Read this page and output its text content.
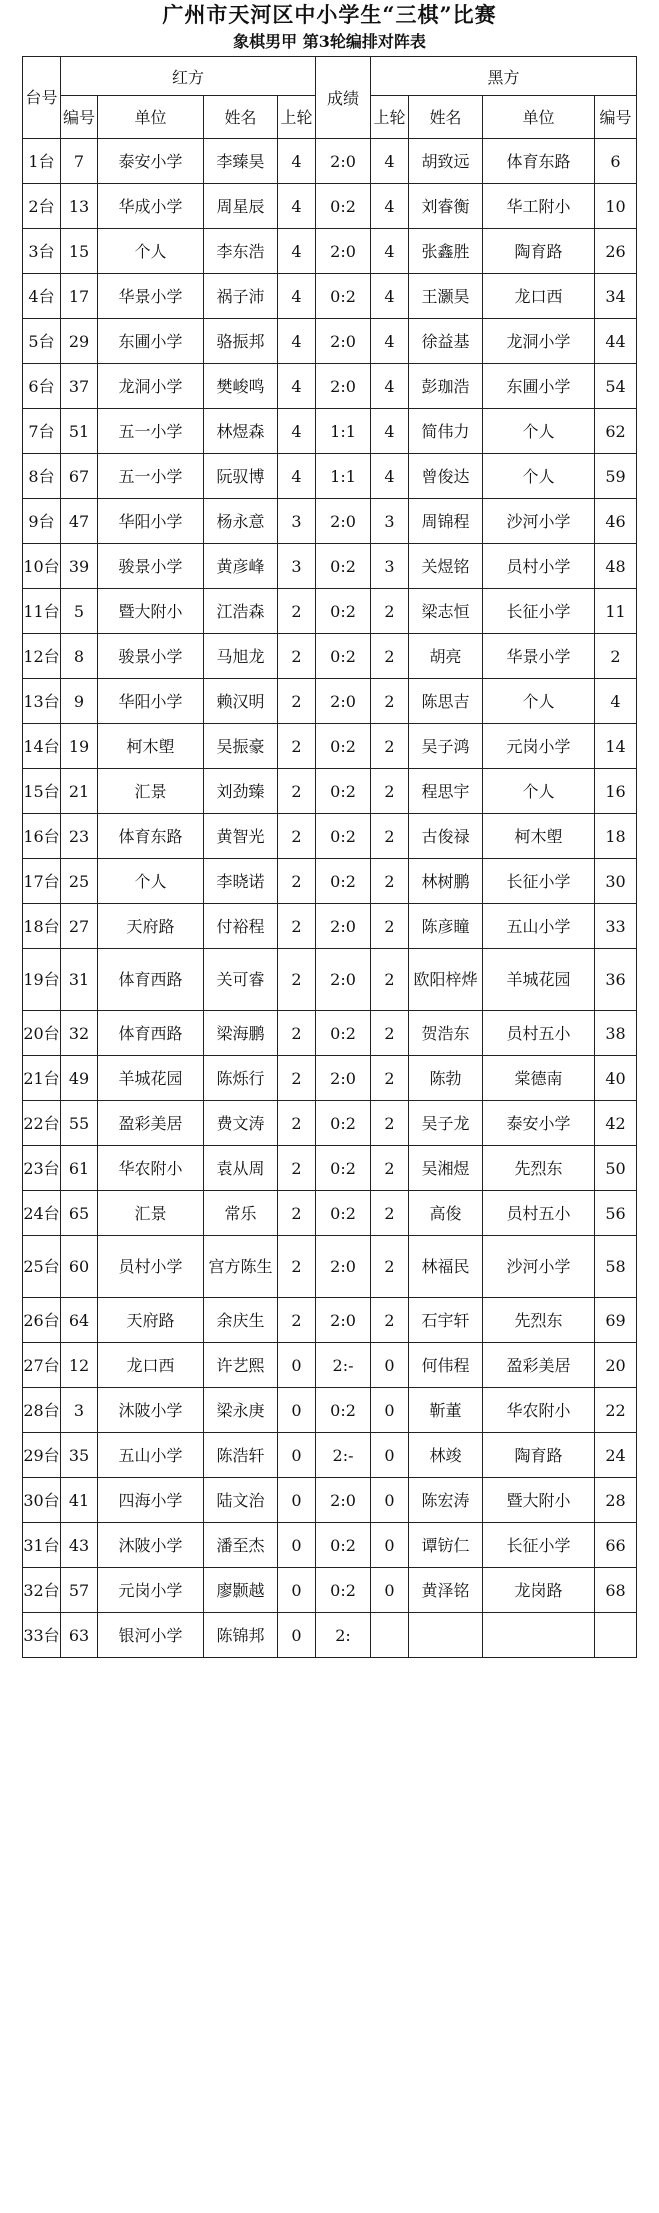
广州市天河区中小学生“三棋”比赛
象棋男甲 第3轮编排对阵表
台号	红方				成绩	黑方			
	编号	单位	姓名	上轮		上轮	姓名	单位	编号
1台	7	泰安小学	李臻昊	4	2:0	4	胡致远	体育东路	6
2台	13	华成小学	周星辰	4	0:2	4	刘睿衡	华工附小	10
3台	15	个人	李东浩	4	2:0	4	张鑫胜	陶育路	26
4台	17	华景小学	祸子沛	4	0:2	4	王灏昊	龙口西	34
5台	29	东圃小学	骆振邦	4	2:0	4	徐益基	龙洞小学	44
6台	37	龙洞小学	樊峻鸣	4	2:0	4	彭珈浩	东圃小学	54
7台	51	五一小学	林煜森	4	1:1	4	简伟力	个人	62
8台	67	五一小学	阮驭博	4	1:1	4	曾俊达	个人	59
9台	47	华阳小学	杨永意	3	2:0	3	周锦程	沙河小学	46
10台	39	骏景小学	黄彦峰	3	0:2	3	关煜铭	员村小学	48
11台	5	暨大附小	江浩森	2	0:2	2	梁志恒	长征小学	11
12台	8	骏景小学	马旭龙	2	0:2	2	胡亮	华景小学	2
13台	9	华阳小学	赖汉明	2	2:0	2	陈思吉	个人	4
14台	19	柯木塱	吴振豪	2	0:2	2	吴子鸿	元岗小学	14
15台	21	汇景	刘劲臻	2	0:2	2	程思宇	个人	16
16台	23	体育东路	黄智光	2	0:2	2	古俊禄	柯木塱	18
17台	25	个人	李晓诺	2	0:2	2	林树鹏	长征小学	30
18台	27	天府路	付裕程	2	2:0	2	陈彦瞳	五山小学	33
19台	31	体育西路	关可睿	2	2:0	2	欧阳梓烨	羊城花园	36
20台	32	体育西路	梁海鹏	2	0:2	2	贺浩东	员村五小	38
21台	49	羊城花园	陈烁行	2	2:0	2	陈勃	棠德南	40
22台	55	盈彩美居	费文涛	2	0:2	2	吴子龙	泰安小学	42
23台	61	华农附小	袁从周	2	0:2	2	吴湘煜	先烈东	50
24台	65	汇景	常乐	2	0:2	2	高俊	员村五小	56
25台	60	员村小学	宫方陈生	2	2:0	2	林福民	沙河小学	58
26台	64	天府路	余庆生	2	2:0	2	石宇轩	先烈东	69
27台	12	龙口西	许艺熙	0	2:-	0	何伟程	盈彩美居	20
28台	3	沐陂小学	梁永庚	0	0:2	0	靳董	华农附小	22
29台	35	五山小学	陈浩轩	0	2:-	0	林竣	陶育路	24
30台	41	四海小学	陆文治	0	2:0	0	陈宏涛	暨大附小	28
31台	43	沐陂小学	潘至杰	0	0:2	0	谭钫仁	长征小学	66
32台	57	元岗小学	廖颢越	0	0:2	0	黄泽铭	龙岗路	68
33台	63	银河小学	陈锦邦	0	2:				
